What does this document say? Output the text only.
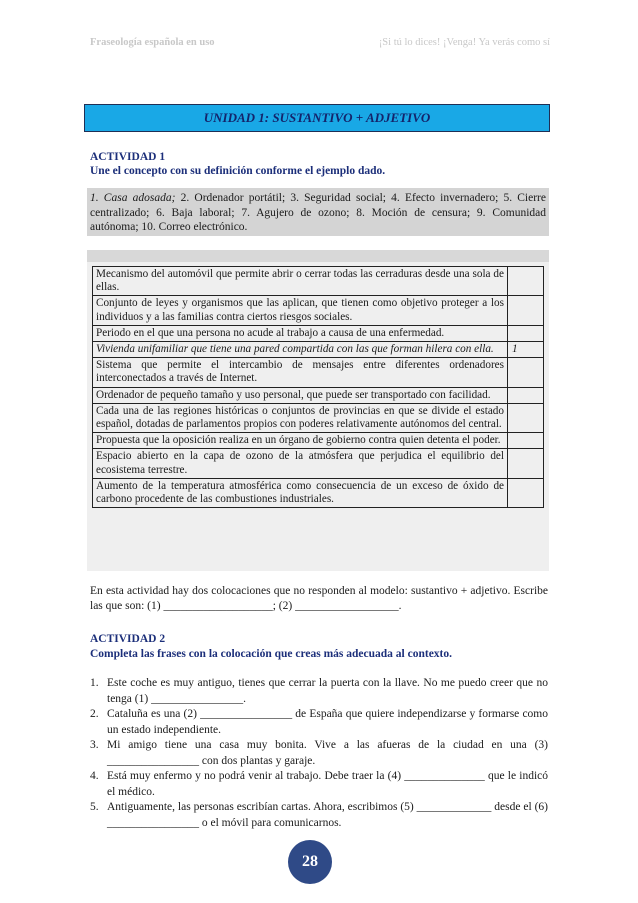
Fraseología española en uso	¡Si tú lo dices! ¡Venga! Ya verás como sí
UNIDAD 1: SUSTANTIVO + ADJETIVO
ACTIVIDAD 1
Une el concepto con su definición conforme el ejemplo dado.
1. Casa adosada; 2. Ordenador portátil; 3. Seguridad social; 4. Efecto invernadero; 5. Cierre centralizado; 6. Baja laboral; 7. Agujero de ozono; 8. Moción de censura; 9. Comunidad autónoma; 10. Correo electrónico.
Mecanismo del automóvil que permite abrir o cerrar todas las cerraduras desde una sola de ellas.	
Conjunto de leyes y organismos que las aplican, que tienen como objetivo proteger a los individuos y a las familias contra ciertos riesgos sociales.	
Periodo en el que una persona no acude al trabajo a causa de una enfermedad.	
Vivienda unifamiliar que tiene una pared compartida con las que forman hilera con ella.	1
Sistema que permite el intercambio de mensajes entre diferentes ordenadores interconectados a través de Internet.	
Ordenador de pequeño tamaño y uso personal, que puede ser transportado con facilidad.	
Cada una de las regiones históricas o conjuntos de provincias en que se divide el estado español, dotadas de parlamentos propios con poderes relativamente autónomos del central.	
Propuesta que la oposición realiza en un órgano de gobierno contra quien detenta el poder.	
Espacio abierto en la capa de ozono de la atmósfera que perjudica el equilibrio del ecosistema terrestre.	
Aumento de la temperatura atmosférica como consecuencia de un exceso de óxido de carbono procedente de las combustiones industriales.	
En esta actividad hay dos colocaciones que no responden al modelo: sustantivo + adjetivo. Escribe las que son: (1) ___________________; (2) __________________.
ACTIVIDAD 2
Completa las frases con la colocación que creas más adecuada al contexto.
1. Este coche es muy antiguo, tienes que cerrar la puerta con la llave. No me puedo creer que no tenga (1) ________________.
2. Cataluña es una (2) ________________ de España que quiere independizarse y formarse como un estado independiente.
3. Mi amigo tiene una casa muy bonita. Vive a las afueras de la ciudad en una (3) ________________ con dos plantas y garaje.
4. Está muy enfermo y no podrá venir al trabajo. Debe traer la (4) ______________ que le indicó el médico.
5. Antiguamente, las personas escribían cartas. Ahora, escribimos (5) _____________ desde el (6) ________________ o el móvil para comunicarnos.
28
